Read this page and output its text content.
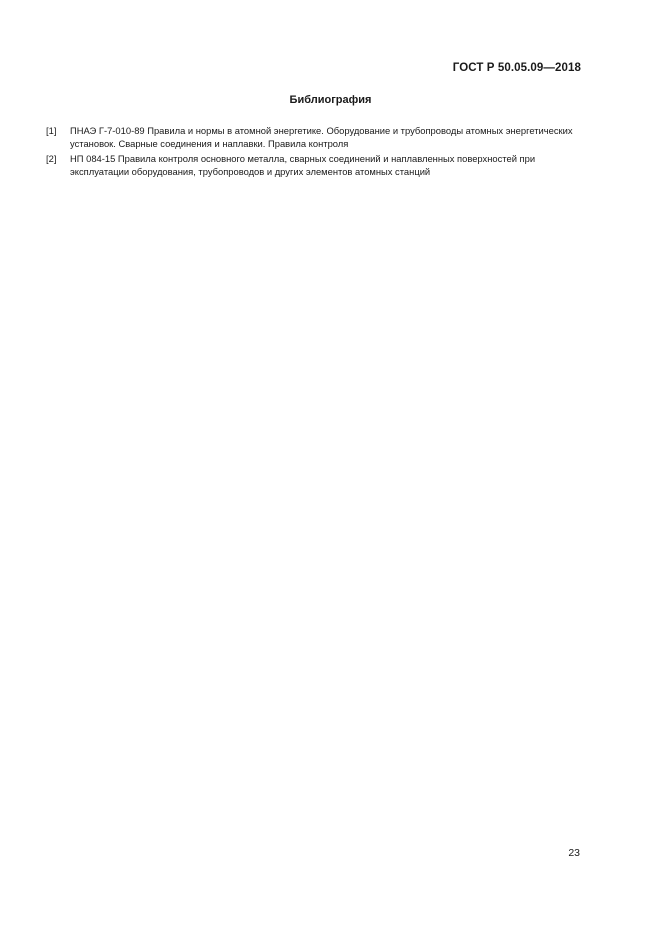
ГОСТ Р 50.05.09—2018
Библиография
[1]	ПНАЭ Г-7-010-89 Правила и нормы в атомной энергетике. Оборудование и трубопроводы атомных энергетических установок. Сварные соединения и наплавки. Правила контроля
[2]	НП 084-15 Правила контроля основного металла, сварных соединений и наплавленных поверхностей при эксплуатации оборудования, трубопроводов и других элементов атомных станций
23
